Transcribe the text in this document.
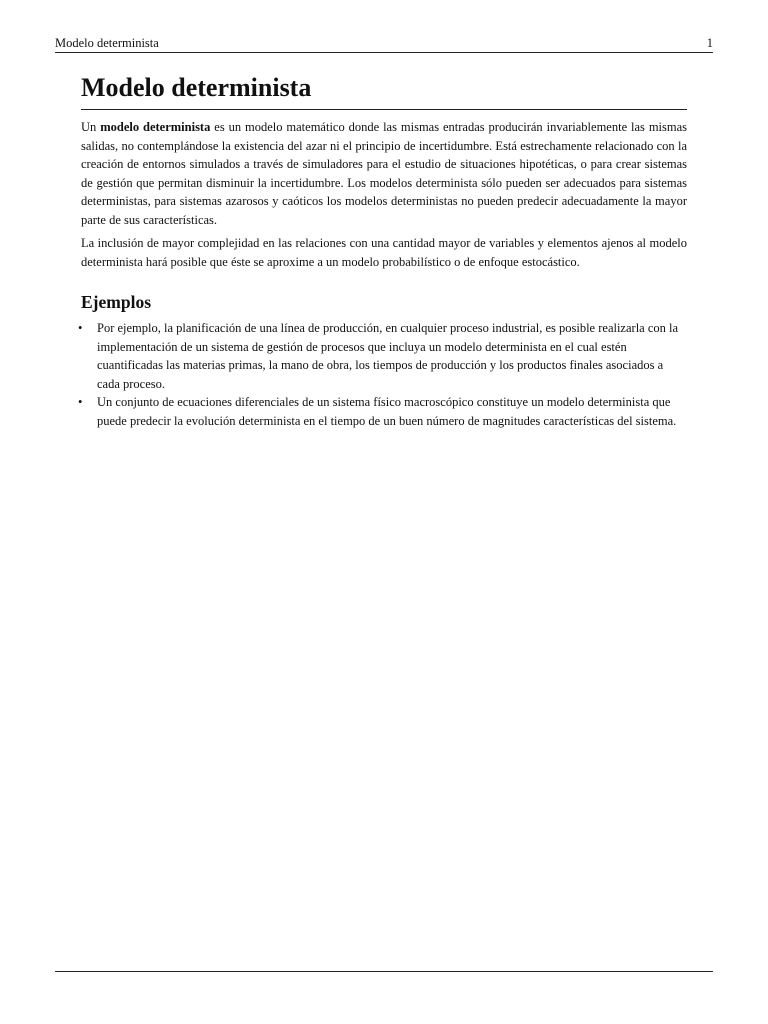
Modelo determinista	1
Modelo determinista

Un modelo determinista es un modelo matemático donde las mismas entradas producirán invariablemente las mismas salidas, no contemplándose la existencia del azar ni el principio de incertidumbre. Está estrechamente relacionado con la creación de entornos simulados a través de simuladores para el estudio de situaciones hipotéticas, o para crear sistemas de gestión que permitan disminuir la incertidumbre. Los modelos determinista sólo pueden ser adecuados para sistemas deterministas, para sistemas azarosos y caóticos los modelos deterministas no pueden predecir adecuadamente la mayor parte de sus características.

La inclusión de mayor complejidad en las relaciones con una cantidad mayor de variables y elementos ajenos al modelo determinista hará posible que éste se aproxime a un modelo probabilístico o de enfoque estocástico.

Ejemplos
• Por ejemplo, la planificación de una línea de producción, en cualquier proceso industrial, es posible realizarla con la implementación de un sistema de gestión de procesos que incluya un modelo determinista en el cual estén cuantificadas las materias primas, la mano de obra, los tiempos de producción y los productos finales asociados a cada proceso.
• Un conjunto de ecuaciones diferenciales de un sistema físico macroscópico constituye un modelo determinista que puede predecir la evolución determinista en el tiempo de un buen número de magnitudes características del sistema.
